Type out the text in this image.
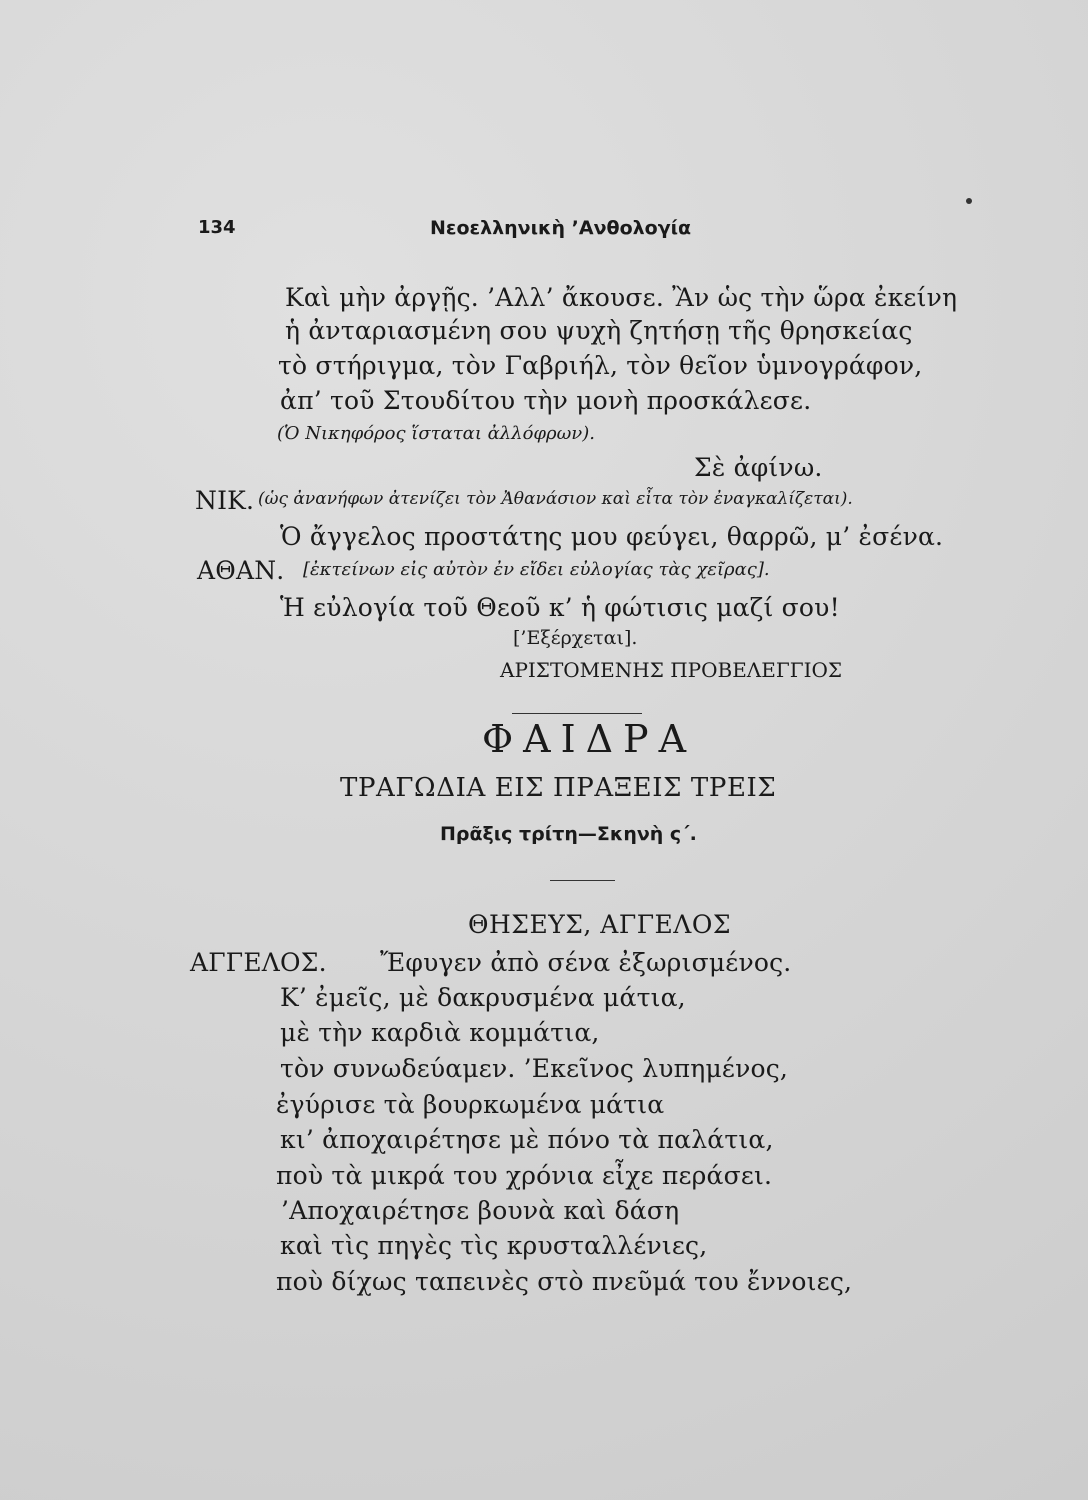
134	Νεοελληνικὴ ’Ανθολογία
Καὶ μὴν ἀργῇς. ’Αλλ’ ἄκουσε. Ἂν ὡς τὴν ὥρα ἐκείνη
ἡ ἀνταριασμένη σου ψυχὴ ζητήσῃ τῆς θρησκείας
τὸ στήριγμα, τὸν Γαβριήλ, τὸν θεῖον ὑμνογράφον,
ἀπ’ τοῦ Στουδίτου τὴν μονὴ προσκάλεσε.
(Ὁ Νικηφόρος ἵσταται ἀλλόφρων).
Σὲ ἀφίνω.
ΝΙΚ. (ὡς ἀνανήφων ἀτενίζει τὸν Ἀθανάσιον καὶ εἶτα τὸν ἐναγκαλίζεται).
Ὁ ἄγγελος προστάτης μου φεύγει, θαρρῶ, μ’ ἐσένα.
ΑΘΑΝ. [ἐκτείνων εἰς αὐτὸν ἐν εἴδει εὐλογίας τὰς χεῖρας].
Ἡ εὐλογία τοῦ Θεοῦ κ’ ἡ φώτισις μαζί σου!
[’Εξέρχεται].
ΑΡΙΣΤΟΜΕΝΗΣ ΠΡΟΒΕΛΕΓΓΙΟΣ
ΦΑΙΔΡΑ
ΤΡΑΓΩΔΙΑ ΕΙΣ ΠΡΑΞΕΙΣ ΤΡΕΙΣ
Πρᾶξις τρίτη—Σκηνὴ ς΄.
ΘΗΣΕΥΣ, ΑΓΓΕΛΟΣ
ΑΓΓΕΛΟΣ. Ἔφυγεν ἀπὸ σένα ἐξωρισμένος.
Κ’ ἐμεῖς, μὲ δακρυσμένα μάτια,
μὲ τὴν καρδιὰ κομμάτια,
τὸν συνωδεύαμεν. ’Εκεῖνος λυπημένος,
ἐγύρισε τὰ βουρκωμένα μάτια
κι’ ἀποχαιρέτησε μὲ πόνο τὰ παλάτια,
ποὺ τὰ μικρά του χρόνια εἶχε περάσει.
’Αποχαιρέτησε βουνὰ καὶ δάση
καὶ τὶς πηγὲς τὶς κρυσταλλένιες,
ποὺ δίχως ταπεινὲς στὸ πνεῦμά του ἔννοιες,
